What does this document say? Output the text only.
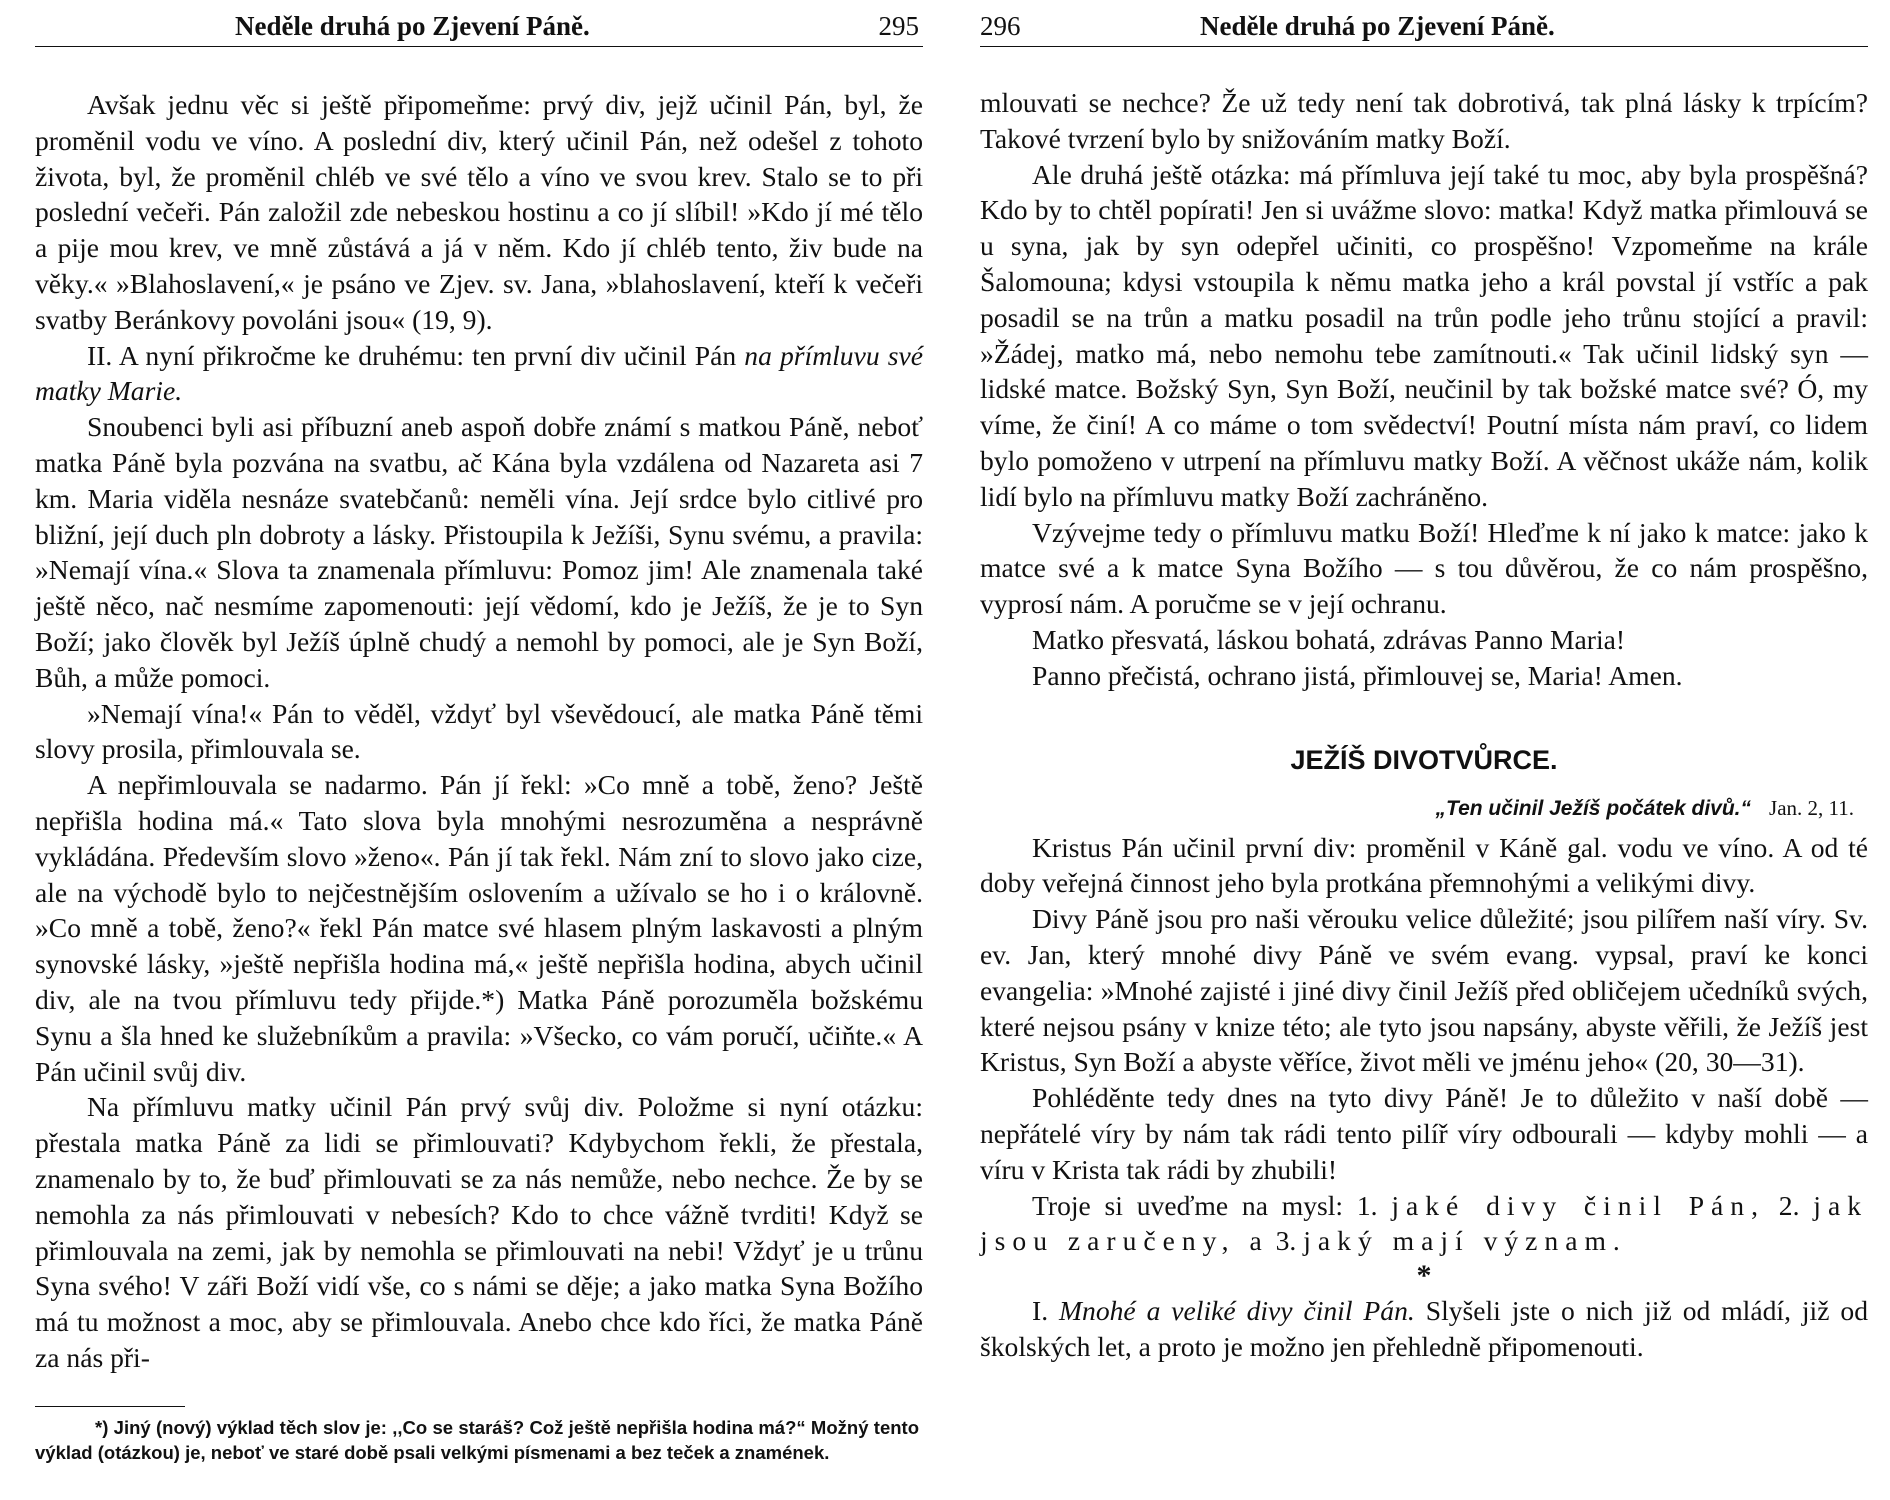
Neděle druhá po Zjevení Páně.	295

Avšak jednu věc si ještě připomeňme: prvý div, jejž učinil Pán, byl, že proměnil vodu ve víno. A poslední div, který učinil Pán, než odešel z tohoto života, byl, že proměnil chléb ve své tělo a víno ve svou krev. Stalo se to při poslední večeři. Pán založil zde nebeskou hostinu a co jí slíbil! »Kdo jí mé tělo a pije mou krev, ve mně zůstává a já v něm. Kdo jí chléb tento, živ bude na věky.« »Blahoslavení,« je psáno ve Zjev. sv. Jana, »blahoslavení, kteří k večeři svatby Beránkovy povoláni jsou« (19, 9).

II. A nyní přikročme ke druhému: ten první div učinil Pán na přímluvu své matky Marie.

Snoubenci byli asi příbuzní aneb aspoň dobře známí s matkou Páně, neboť matka Páně byla pozvána na svatbu, ač Kána byla vzdálena od Nazareta asi 7 km. Maria viděla nesnáze svatebčanů: neměli vína. Její srdce bylo citlivé pro bližní, její duch pln dobroty a lásky. Přistoupila k Ježíši, Synu svému, a pravila: »Nemají vína.« Slova ta znamenala přímluvu: Pomoz jim! Ale znamenala také ještě něco, nač nesmíme zapomenouti: její vědomí, kdo je Ježíš, že je to Syn Boží; jako člověk byl Ježíš úplně chudý a nemohl by pomoci, ale je Syn Boží, Bůh, a může pomoci.

»Nemají vína!« Pán to věděl, vždyť byl vševědoucí, ale matka Páně těmi slovy prosila, přimlouvala se.

A nepřimlouvala se nadarmo. Pán jí řekl: »Co mně a tobě, ženo? Ještě nepřišla hodina má.« Tato slova byla mnohými nesrozuměna a nesprávně vykládána. Především slovo »ženo«. Pán jí tak řekl. Nám zní to slovo jako cize, ale na východě bylo to nejčestnějším oslovením a užívalo se ho i o královně. »Co mně a tobě, ženo?« řekl Pán matce své hlasem plným laskavosti a plným synovské lásky, »ještě nepřišla hodina má,« ještě nepřišla hodina, abych učinil div, ale na tvou přímluvu tedy přijde.*) Matka Páně porozuměla božskému Synu a šla hned ke služebníkům a pravila: »Všecko, co vám poručí, učiňte.« A Pán učinil svůj div.

Na přímluvu matky učinil Pán prvý svůj div. Položme si nyní otázku: přestala matka Páně za lidi se přimlouvati? Kdybychom řekli, že přestala, znamenalo by to, že buď přimlouvati se za nás nemůže, nebo nechce. Že by se nemohla za nás přimlouvati v nebesích? Kdo to chce vážně tvrditi! Když se přimlouvala na zemi, jak by nemohla se přimlouvati na nebi! Vždyť je u trůnu Syna svého! V záři Boží vidí vše, co s námi se děje; a jako matka Syna Božího má tu možnost a moc, aby se přimlouvala. Anebo chce kdo říci, že matka Páně za nás při-

*) Jiný (nový) výklad těch slov je: ,,Co se staráš? Což ještě nepřišla hodina má?“ Možný tento výklad (otázkou) je, neboť ve staré době psali velkými písmenami a bez teček a znamének.
296	Neděle druhá po Zjevení Páně.

mlouvati se nechce? Že už tedy není tak dobrotivá, tak plná lásky k trpícím? Takové tvrzení bylo by snižováním matky Boží.

Ale druhá ještě otázka: má přímluva její také tu moc, aby byla prospěšná? Kdo by to chtěl popírati! Jen si uvážme slovo: matka! Když matka přimlouvá se u syna, jak by syn odepřel učiniti, co prospěšno! Vzpomeňme na krále Šalomouna; kdysi vstoupila k němu matka jeho a král povstal jí vstříc a pak posadil se na trůn a matku posadil na trůn podle jeho trůnu stojící a pravil: »Žádej, matko má, nebo nemohu tebe zamítnouti.« Tak učinil lidský syn — lidské matce. Božský Syn, Syn Boží, neučinil by tak božské matce své? Ó, my víme, že činí! A co máme o tom svědectví! Poutní místa nám praví, co lidem bylo pomoženo v utrpení na přímluvu matky Boží. A věčnost ukáže nám, kolik lidí bylo na přímluvu matky Boží zachráněno.

Vzývejme tedy o přímluvu matku Boží! Hleďme k ní jako k matce: jako k matce své a k matce Syna Božího — s tou důvěrou, že co nám prospěšno, vyprosí nám. A poručme se v její ochranu.

Matko přesvatá, láskou bohatá, zdrávas Panno Maria!

Panno přečistá, ochrano jistá, přimlouvej se, Maria! Amen.

JEŽÍŠ DIVOTVŮRCE.
„Ten učinil Ježíš počátek divů.“ Jan. 2, 11.

Kristus Pán učinil první div: proměnil v Káně gal. vodu ve víno. A od té doby veřejná činnost jeho byla protkána přemnohými a velikými divy.

Divy Páně jsou pro naši věrouku velice důležité; jsou pilířem naší víry. Sv. ev. Jan, který mnohé divy Páně ve svém evang. vypsal, praví ke konci evangelia: »Mnohé zajisté i jiné divy činil Ježíš před obličejem učedníků svých, které nejsou psány v knize této; ale tyto jsou napsány, abyste věřili, že Ježíš jest Kristus, Syn Boží a abyste věříce, život měli ve jménu jeho« (20, 30—31).

Pohléděnte tedy dnes na tyto divy Páně! Je to důležito v naší době — nepřátelé víry by nám tak rádi tento pilíř víry odbourali — kdyby mohli — a víru v Krista tak rádi by zhubili!

Troje si uveďme na mysl: 1. jaké divy činil Pán, 2. jak jsou zaručeny, a 3. jaký mají význam.

*

I. Mnohé a veliké divy činil Pán. Slyšeli jste o nich již od mládí, již od školských let, a proto je možno jen přehledně připomenouti.
